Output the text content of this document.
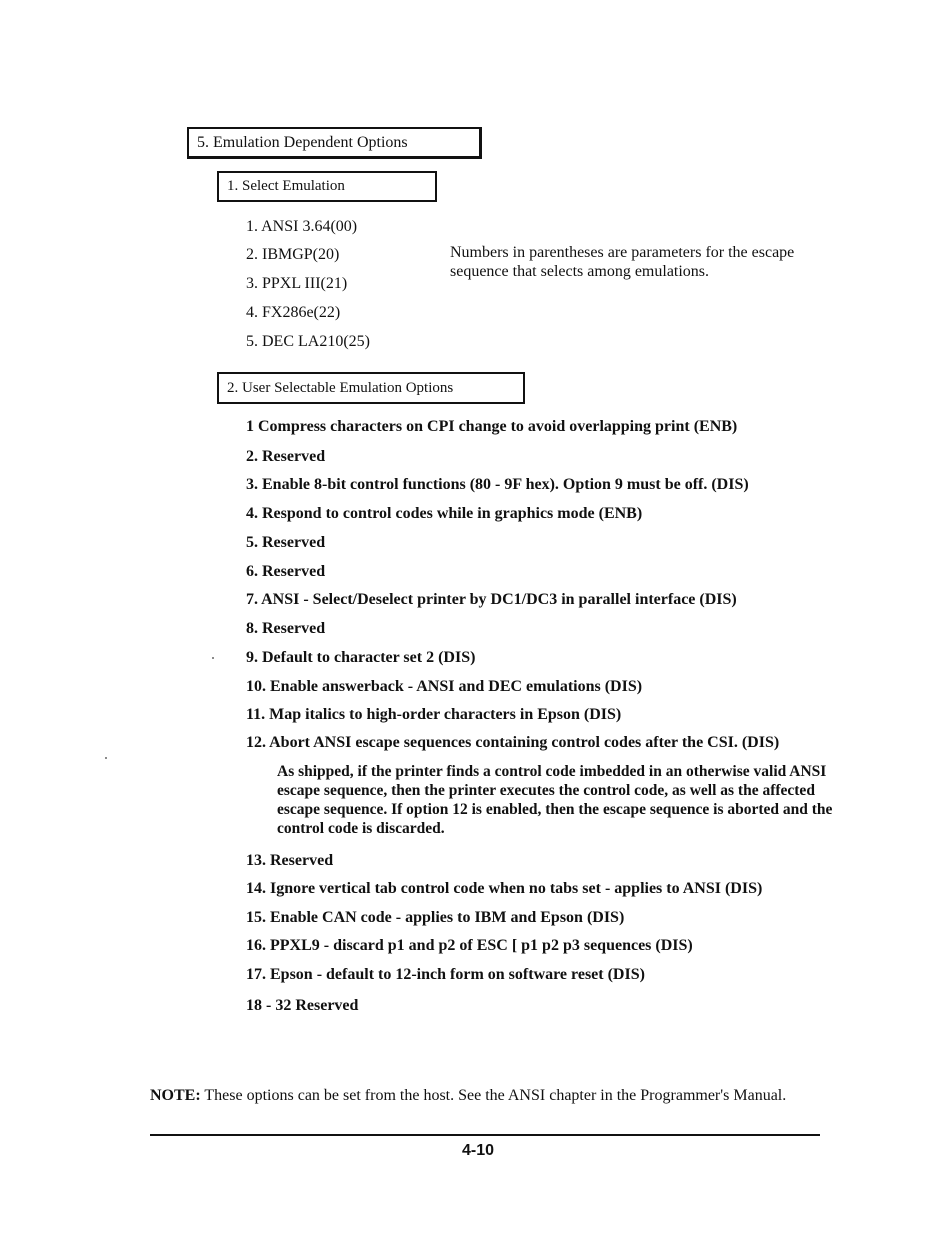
5. Emulation Dependent Options
1. Select Emulation
1. ANSI 3.64(00)
2. IBMGP(20)
3. PPXL III(21)
4. FX286e(22)
5. DEC LA210(25)
Numbers in parentheses are parameters for the escape sequence that selects among emulations.
2. User Selectable Emulation Options
1 Compress characters on CPI change to avoid overlapping print (ENB)
2. Reserved
3. Enable 8-bit control functions (80 - 9F hex). Option 9 must be off. (DIS)
4. Respond to control codes while in graphics mode (ENB)
5. Reserved
6. Reserved
7. ANSI - Select/Deselect printer by DC1/DC3 in parallel interface (DIS)
8. Reserved
9. Default to character set 2 (DIS)
10. Enable answerback - ANSI and DEC emulations (DIS)
11. Map italics to high-order characters in Epson (DIS)
12. Abort ANSI escape sequences containing control codes after the CSI. (DIS)
As shipped, if the printer finds a control code imbedded in an otherwise valid ANSI escape sequence, then the printer executes the control code, as well as the affected escape sequence. If option 12 is enabled, then the escape sequence is aborted and the control code is discarded.
13. Reserved
14. Ignore vertical tab control code when no tabs set - applies to ANSI (DIS)
15. Enable CAN code - applies to IBM and Epson (DIS)
16. PPXL9 - discard p1 and p2 of ESC [ p1 p2 p3 sequences (DIS)
17. Epson - default to 12-inch form on software reset (DIS)
18 - 32 Reserved
NOTE: These options can be set from the host. See the ANSI chapter in the Programmer's Manual.
4-10
